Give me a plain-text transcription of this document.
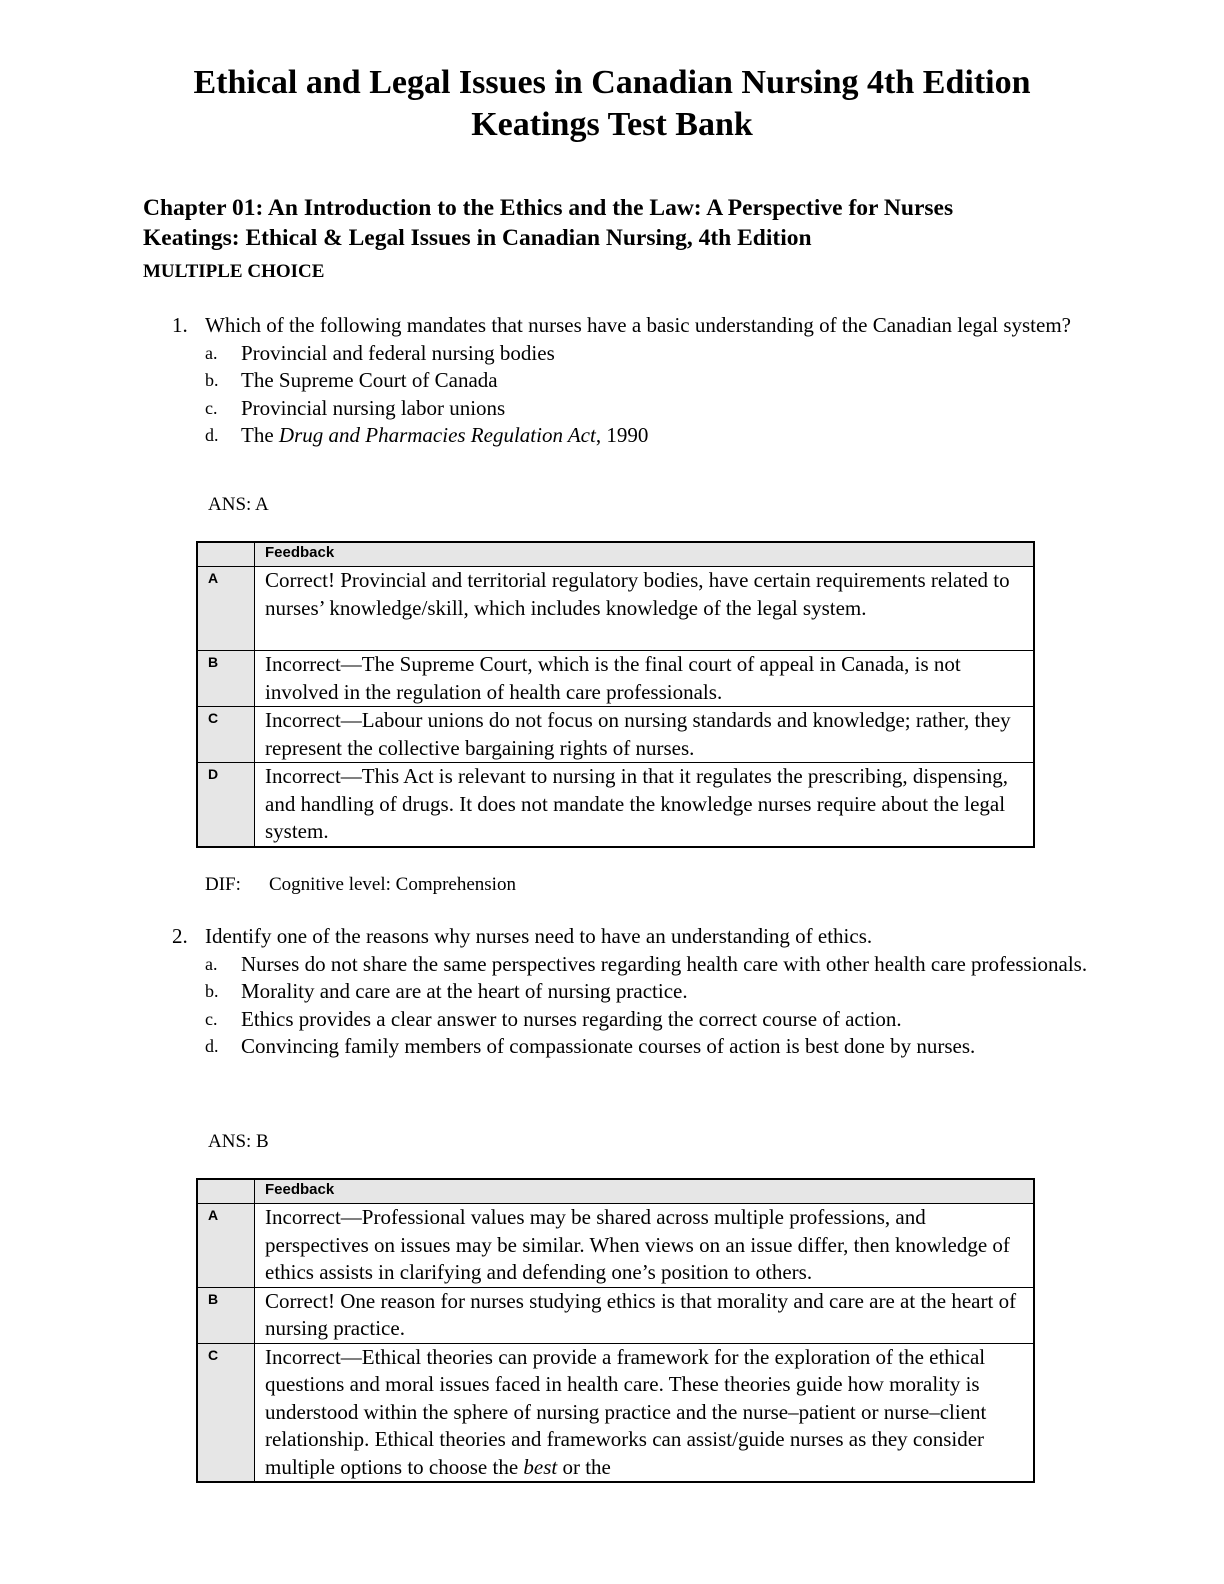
Ethical and Legal Issues in Canadian Nursing 4th Edition
Keatings Test Bank
Chapter 01: An Introduction to the Ethics and the Law: A Perspective for Nurses
Keatings: Ethical & Legal Issues in Canadian Nursing, 4th Edition
MULTIPLE CHOICE
1. Which of the following mandates that nurses have a basic understanding of the Canadian legal system?
a. Provincial and federal nursing bodies
b. The Supreme Court of Canada
c. Provincial nursing labor unions
d. The Drug and Pharmacies Regulation Act, 1990
ANS: A
	Feedback
A	Correct! Provincial and territorial regulatory bodies, have certain requirements related to nurses’ knowledge/skill, which includes knowledge of the legal system.
B	Incorrect—The Supreme Court, which is the final court of appeal in Canada, is not involved in the regulation of health care professionals.
C	Incorrect—Labour unions do not focus on nursing standards and knowledge; rather, they represent the collective bargaining rights of nurses.
D	Incorrect—This Act is relevant to nursing in that it regulates the prescribing, dispensing, and handling of drugs. It does not mandate the knowledge nurses require about the legal system.
DIF: Cognitive level: Comprehension
2. Identify one of the reasons why nurses need to have an understanding of ethics.
a. Nurses do not share the same perspectives regarding health care with other health care professionals.
b. Morality and care are at the heart of nursing practice.
c. Ethics provides a clear answer to nurses regarding the correct course of action.
d. Convincing family members of compassionate courses of action is best done by nurses.
ANS: B
	Feedback
A	Incorrect—Professional values may be shared across multiple professions, and perspectives on issues may be similar. When views on an issue differ, then knowledge of ethics assists in clarifying and defending one’s position to others.
B	Correct! One reason for nurses studying ethics is that morality and care are at the heart of nursing practice.
C	Incorrect—Ethical theories can provide a framework for the exploration of the ethical questions and moral issues faced in health care. These theories guide how morality is understood within the sphere of nursing practice and the nurse–patient or nurse–client relationship. Ethical theories and frameworks can assist/guide nurses as they consider multiple options to choose the best or the
